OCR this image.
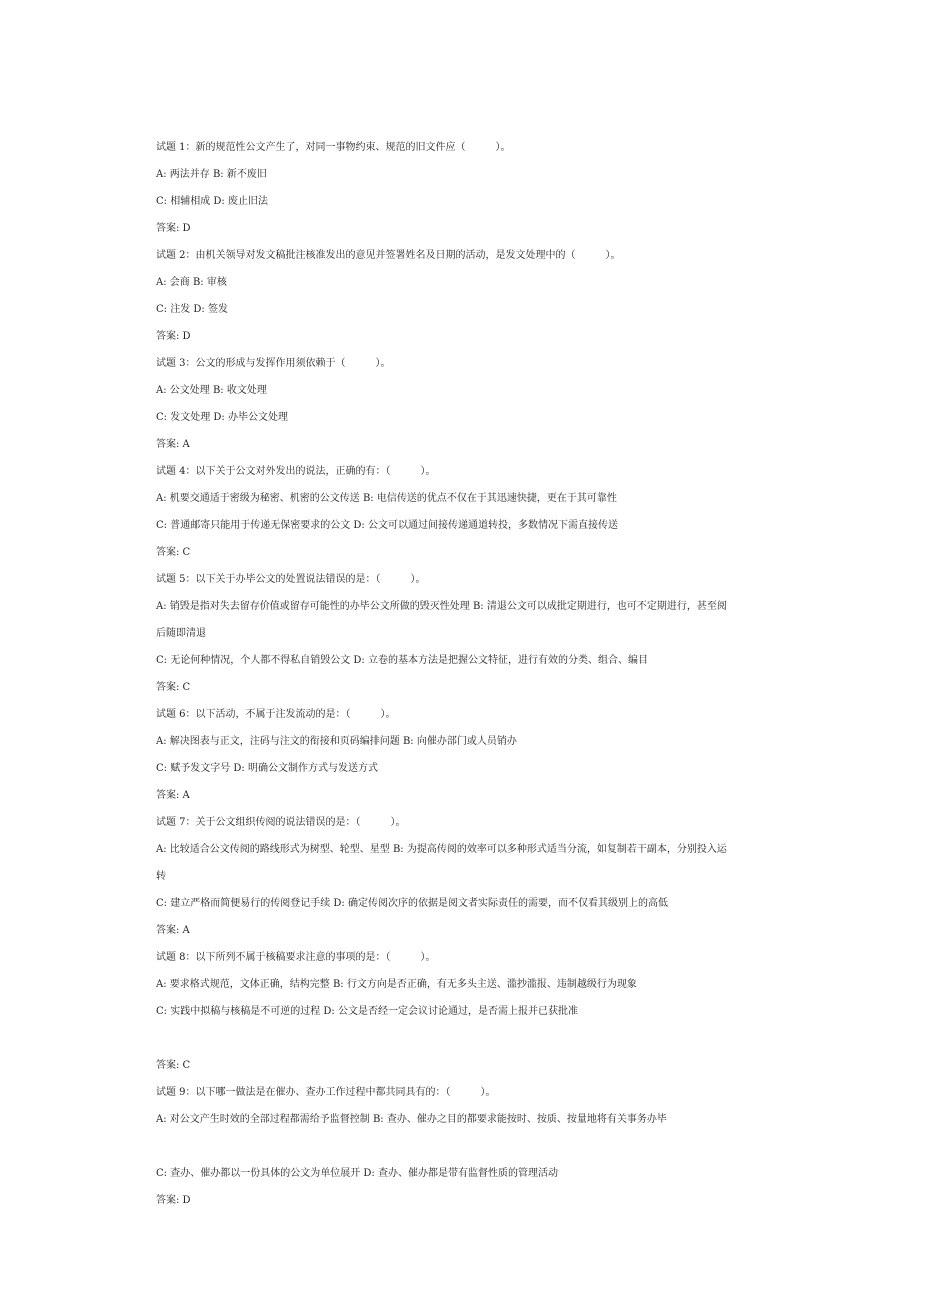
试题 1：新的规范性公文产生了，对同一事物约束、规范的旧文件应（　　　）。

A: 两法并存 B: 新不废旧

C: 相辅相成 D: 废止旧法

答案: D

试题 2：由机关领导对发文稿批注核准发出的意见并签署姓名及日期的活动，是发文处理中的（　　　）。

A: 会商 B: 审核

C: 注发 D: 签发

答案: D

试题 3：公文的形成与发挥作用须依赖于（　　　）。

A: 公文处理 B: 收文处理

C: 发文处理 D: 办毕公文处理

答案: A

试题 4：以下关于公文对外发出的说法，正确的有：（　　　）。

A: 机要交通适于密级为秘密、机密的公文传送 B: 电信传送的优点不仅在于其迅速快捷，更在于其可靠性

C: 普通邮寄只能用于传递无保密要求的公文 D: 公文可以通过间接传递通道转投，多数情况下需直接传送

答案: C

试题 5：以下关于办毕公文的处置说法错误的是：（　　　）。

A: 销毁是指对失去留存价值或留存可能性的办毕公文所做的毁灭性处理 B: 清退公文可以成批定期进行，也可不定期进行，甚至阅

后随即清退

C: 无论何种情况，个人都不得私自销毁公文 D: 立卷的基本方法是把握公文特征，进行有效的分类、组合、编目

答案: C

试题 6：以下活动，不属于注发流动的是：（　　　）。

A: 解决图表与正文，注码与注文的衔接和页码编排问题 B: 向催办部门或人员销办

C: 赋予发文字号 D: 明确公文制作方式与发送方式

答案: A

试题 7：关于公文组织传阅的说法错误的是：（　　　）。

A: 比较适合公文传阅的路线形式为树型、轮型、星型 B: 为提高传阅的效率可以多种形式适当分流，如复制若干副本，分别投入运

转

C: 建立严格而简便易行的传阅登记手续 D: 确定传阅次序的依据是阅文者实际责任的需要，而不仅看其级别上的高低

答案: A

试题 8：以下所列不属于核稿要求注意的事项的是：（　　　）。

A: 要求格式规范，文体正确，结构完整 B: 行文方向是否正确，有无多头主送、滥抄滥报、违制越级行为现象

C: 实践中拟稿与核稿是不可逆的过程 D: 公文是否经一定会议讨论通过，是否需上报并已获批准

答案: C

试题 9：以下哪一做法是在催办、查办工作过程中都共同具有的：（　　　）。

A: 对公文产生时效的全部过程都需给予监督控制 B: 查办、催办之目的都要求能按时、按质、按量地将有关事务办毕

C: 查办、催办都以一份具体的公文为单位展开 D: 查办、催办都是带有监督性质的管理活动

答案: D
